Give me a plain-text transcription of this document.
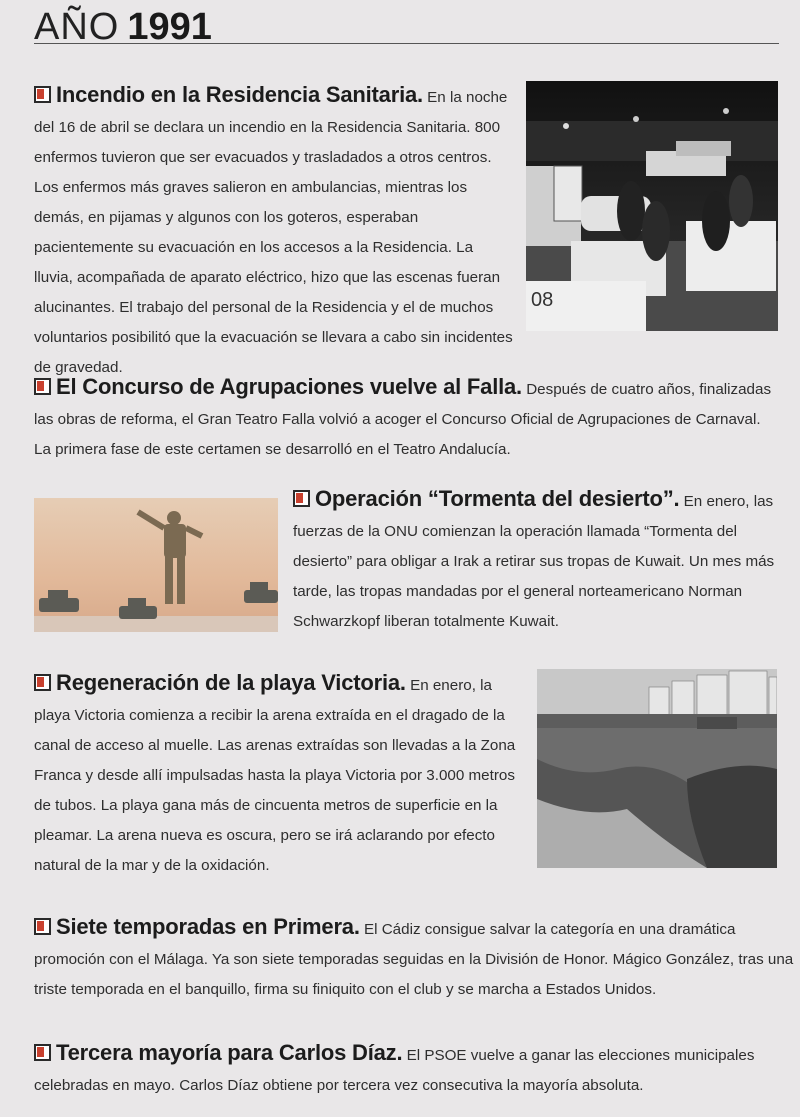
AÑO 1991

Incendio en la Residencia Sanitaria. En la noche del 16 de abril se declara un incendio en la Residencia Sanitaria. 800 enfermos tuvieron que ser evacuados y trasladados a otros centros. Los enfermos más graves salieron en ambulancias, mientras los demás, en pijamas y algunos con los goteros, esperaban pacientemente su evacuación en los accesos a la Residencia. La lluvia, acompañada de aparato eléctrico, hizo que las escenas fueran alucinantes. El trabajo del personal de la Residencia y el de muchos voluntarios posibilitó que la evacuación se llevara a cabo sin incidentes de gravedad.

08

El Concurso de Agrupaciones vuelve al Falla. Después de cuatro años, finalizadas las obras de reforma, el Gran Teatro Falla volvió a acoger el Concurso Oficial de Agrupaciones de Carnaval. La primera fase de este certamen se desarrolló en el Teatro Andalucía.

Operación “Tormenta del desierto”. En enero, las fuerzas de la ONU comienzan la operación llamada “Tormenta del desierto” para obligar a Irak a retirar sus tropas de Kuwait. Un mes más tarde, las tropas mandadas por el general norteamericano Norman Schwarzkopf liberan totalmente Kuwait.

Regeneración de la playa Victoria. En enero, la playa Victoria comienza a recibir la arena extraída en el dragado de la canal de acceso al muelle. Las arenas extraídas son llevadas a la Zona Franca y desde allí impulsadas hasta la playa Victoria por 3.000 metros de tubos. La playa gana más de cincuenta metros de superficie en la pleamar. La arena nueva es oscura, pero se irá aclarando por efecto natural de la mar y de la oxidación.

Siete temporadas en Primera. El Cádiz consigue salvar la categoría en una dramática promoción con el Málaga. Ya son siete temporadas seguidas en la División de Honor. Mágico González, tras una triste temporada en el banquillo, firma su finiquito con el club y se marcha a Estados Unidos.

Tercera mayoría para Carlos Díaz. El PSOE vuelve a ganar las elecciones municipales celebradas en mayo. Carlos Díaz obtiene por tercera vez consecutiva la mayoría absoluta.
